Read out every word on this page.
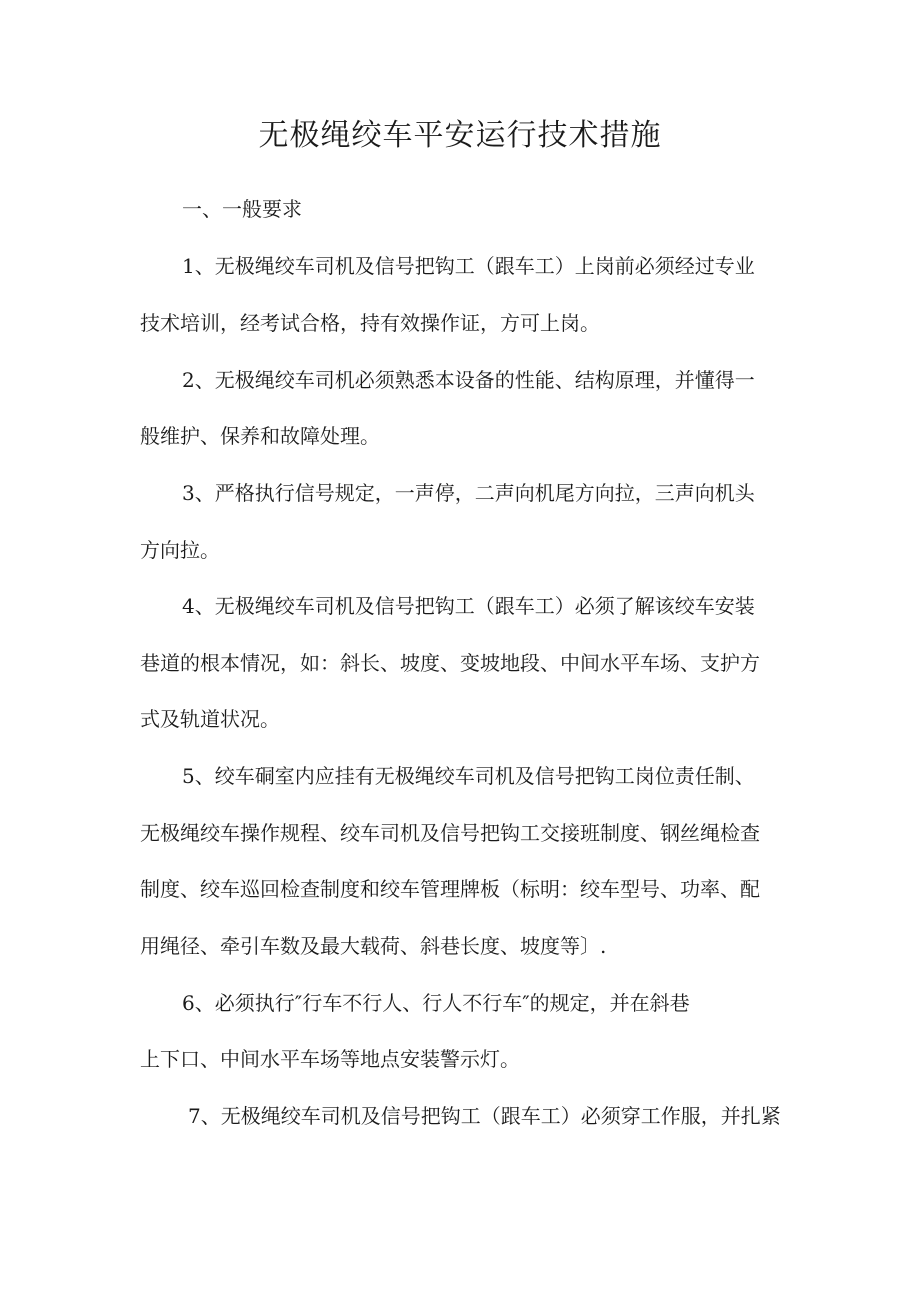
无极绳绞车平安运行技术措施
一、一般要求
1、无极绳绞车司机及信号把钩工（跟车工）上岗前必须经过专业
技术培训，经考试合格，持有效操作证，方可上岗。
2、无极绳绞车司机必须熟悉本设备的性能、结构原理，并懂得一
般维护、保养和故障处理。
3、严格执行信号规定，一声停，二声向机尾方向拉，三声向机头
方向拉。
4、无极绳绞车司机及信号把钩工（跟车工）必须了解该绞车安装
巷道的根本情况，如：斜长、坡度、变坡地段、中间水平车场、支护方
式及轨道状况。
5、绞车硐室内应挂有无极绳绞车司机及信号把钩工岗位责任制、
无极绳绞车操作规程、绞车司机及信号把钩工交接班制度、钢丝绳检查
制度、绞车巡回检查制度和绞车管理牌板（标明：绞车型号、功率、配
用绳径、牵引车数及最大载荷、斜巷长度、坡度等〕.
6、必须执行″行车不行人、行人不行车″的规定，并在斜巷
上下口、中间水平车场等地点安装警示灯。
7、无极绳绞车司机及信号把钩工（跟车工）必须穿工作服，并扎紧
